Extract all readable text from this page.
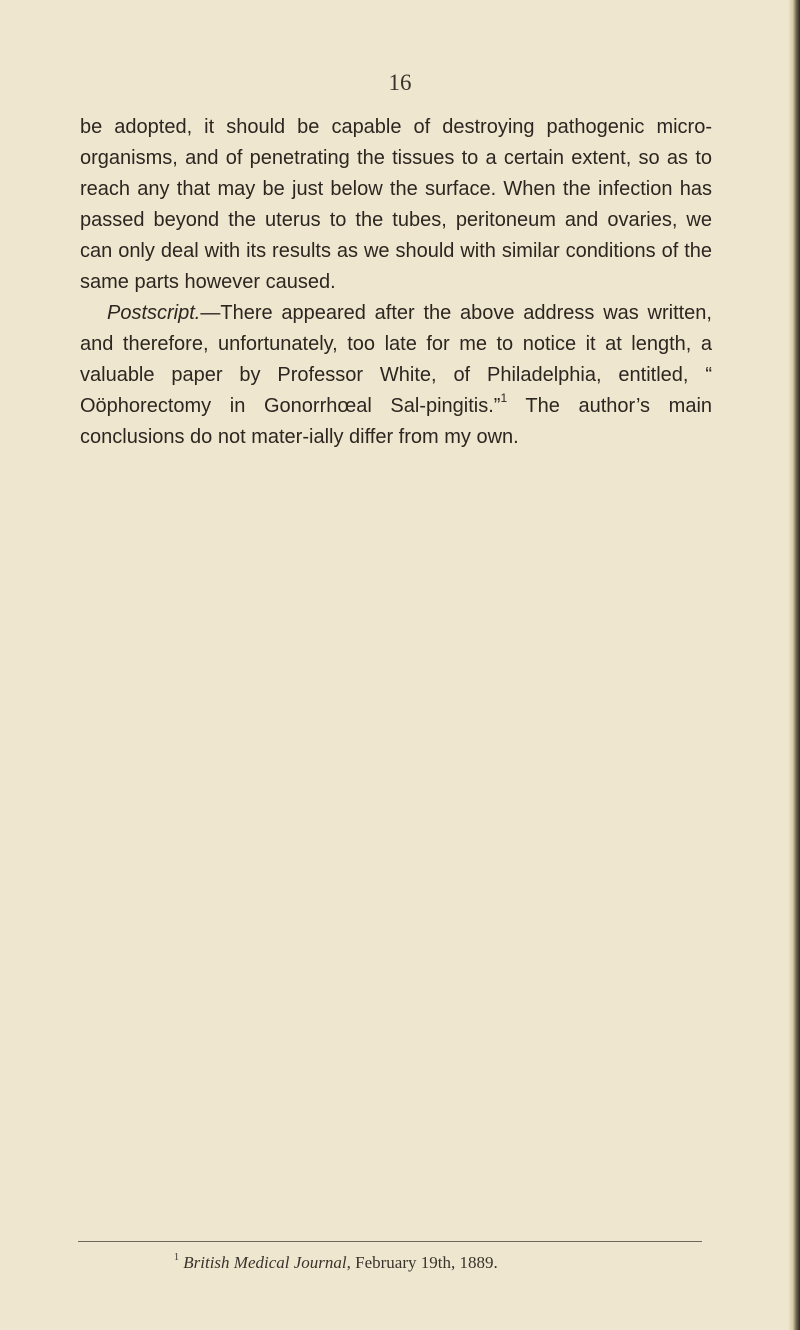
16

be adopted, it should be capable of destroying pathogenic micro-organisms, and of penetrating the tissues to a certain extent, so as to reach any that may be just below the surface. When the infection has passed beyond the uterus to the tubes, peritoneum and ovaries, we can only deal with its results as we should with similar conditions of the same parts however caused.

Postscript.—There appeared after the above address was written, and therefore, unfortunately, too late for me to notice it at length, a valuable paper by Professor White, of Philadelphia, entitled, “ Oöphorectomy in Gonorrhœal Sal-pingitis.”$^1$ The author’s main conclusions do not mater-ially differ from my own.

$^1$ British Medical Journal, February 19th, 1889.
